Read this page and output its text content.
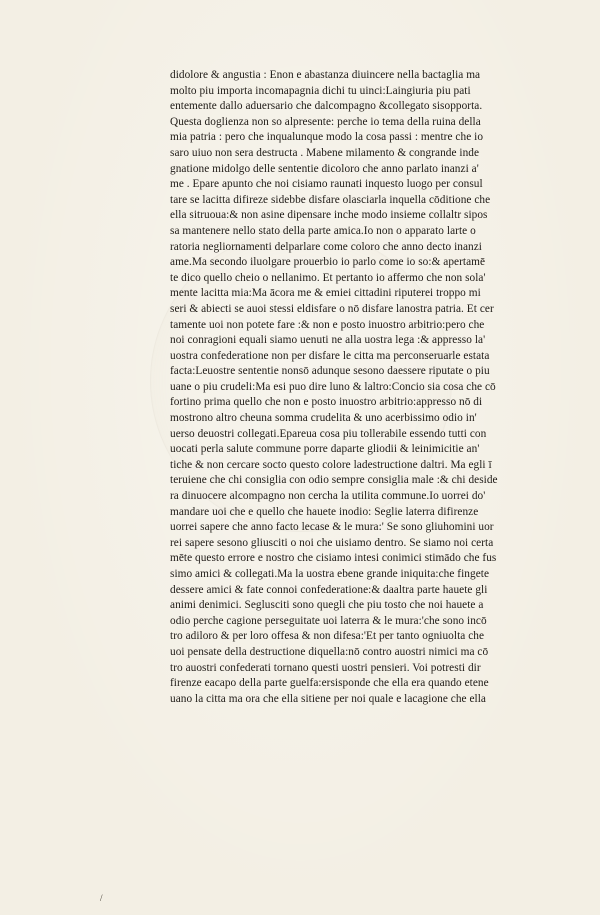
didolore & angustia : Enon e abastanza diuincere nella bactaglia ma
molto piu importa incomapagnia dichi tu uinci:Laingiuria piu pati
entemente dallo aduersario che dalcompagno &collegato sisopporta.
Questa doglienza non so alpresente: perche io tema della ruina della
mia patria : pero che inqualunque modo la cosa passi : mentre che io
saro uiuo non sera destructa . Mabene milamento & congrande inde
gnatione midolgo delle sententie dicoloro che anno parlato inanzi a'
me . Epare apunto che noi cisiamo raunati inquesto luogo per consul
tare se lacitta difireze sidebbe disfare olasciarla inquella cōditione che
ella sitruoua:& non asine dipensare inche modo insieme collaltr sipos
sa mantenere nello stato della parte amica.Io non o apparato larte o
ratoria negliornamenti delparlare come coloro che anno decto inanzi
ame.Ma secondo iluolgare prouerbio io parlo come io so:& apertamē
te dico quello cheio o nellanimo. Et pertanto io affermo che non sola'
mente lacitta mia:Ma ācora me & emiei cittadini riputerei troppo mi
seri & abiecti se auoi stessi eldisfare o nō disfare lanostra patria. Et cer
tamente uoi non potete fare :& non e posto inuostro arbitrio:pero che
noi conragioni equali siamo uenuti ne alla uostra lega :& appresso la'
uostra confederatione non per disfare le citta ma perconseruarle estata
facta:Leuostre sententie nonsō adunque sesono daessere riputate o piu
uane o piu crudeli:Ma esi puo dire luno & laltro:Concio sia cosa che cō
fortino prima quello che non e posto inuostro arbitrio:appresso nō di
mostrono altro cheuna somma crudelita & uno acerbissimo odio in'
uerso deuostri collegati.Epareua cosa piu tollerabile essendo tutti con
uocati perla salute commune porre daparte gliodii & leinimicitie an'
tiche & non cercare socto questo colore ladestructione daltri. Ma egli ī
teruiene che chi consiglia con odio sempre consiglia male :& chi deside
ra dinuocere alcompagno non cercha la utilita commune.Io uorrei do'
mandare uoi che e quello che hauete inodio: Seglie laterra difirenze
uorrei sapere che anno facto lecase & le mura:' Se sono gliuhomini uor
rei sapere sesono gliusciti o noi che uisiamo dentro. Se siamo noi certa
mēte questo errore e nostro che cisiamo intesi conimici stimādo che fus
simo amici & collegati.Ma la uostra ebene grande iniquita:che fingete
dessere amici & fate connoi confederatione:& daaltra parte hauete gli
animi denimici. Seglusciti sono quegli che piu tosto che noi hauete a
odio perche cagione perseguitate uoi laterra & le mura:'che sono incō
tro adiloro & per loro offesa & non difesa:'Et per tanto ogniuolta che
uoi pensate della destructione diquella:nō contro auostri nimici ma cō
tro auostri confederati tornano questi uostri pensieri. Voi potresti dir
firenze eacapo della parte guelfa:ersisponde che ella era quando etene
uano la citta ma ora che ella sitiene per noi quale e lacagione che ella
/
